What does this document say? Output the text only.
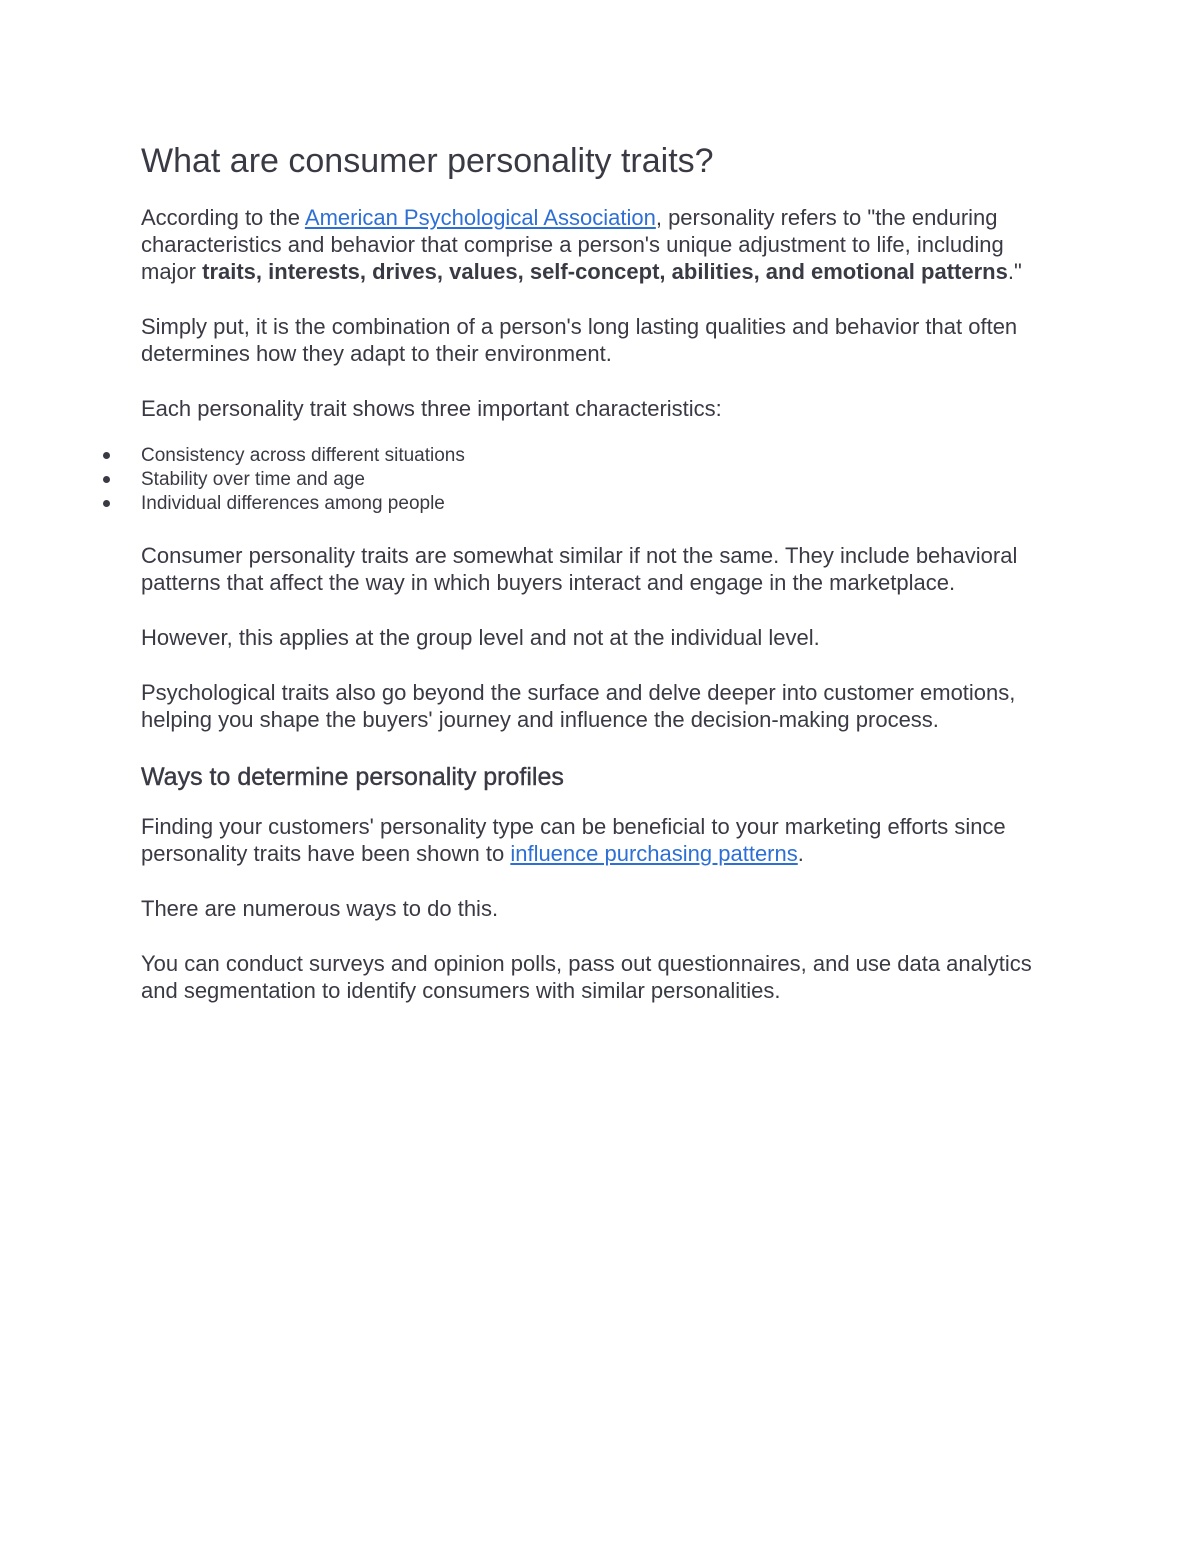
What are consumer personality traits?

According to the American Psychological Association, personality refers to "the enduring characteristics and behavior that comprise a person's unique adjustment to life, including major traits, interests, drives, values, self-concept, abilities, and emotional patterns."

Simply put, it is the combination of a person's long lasting qualities and behavior that often determines how they adapt to their environment.

Each personality trait shows three important characteristics:

Consistency across different situations
Stability over time and age
Individual differences among people

Consumer personality traits are somewhat similar if not the same. They include behavioral patterns that affect the way in which buyers interact and engage in the marketplace.

However, this applies at the group level and not at the individual level.

Psychological traits also go beyond the surface and delve deeper into customer emotions, helping you shape the buyers' journey and influence the decision-making process.

Ways to determine personality profiles

Finding your customers' personality type can be beneficial to your marketing efforts since personality traits have been shown to influence purchasing patterns.

There are numerous ways to do this.

You can conduct surveys and opinion polls, pass out questionnaires, and use data analytics and segmentation to identify consumers with similar personalities.
